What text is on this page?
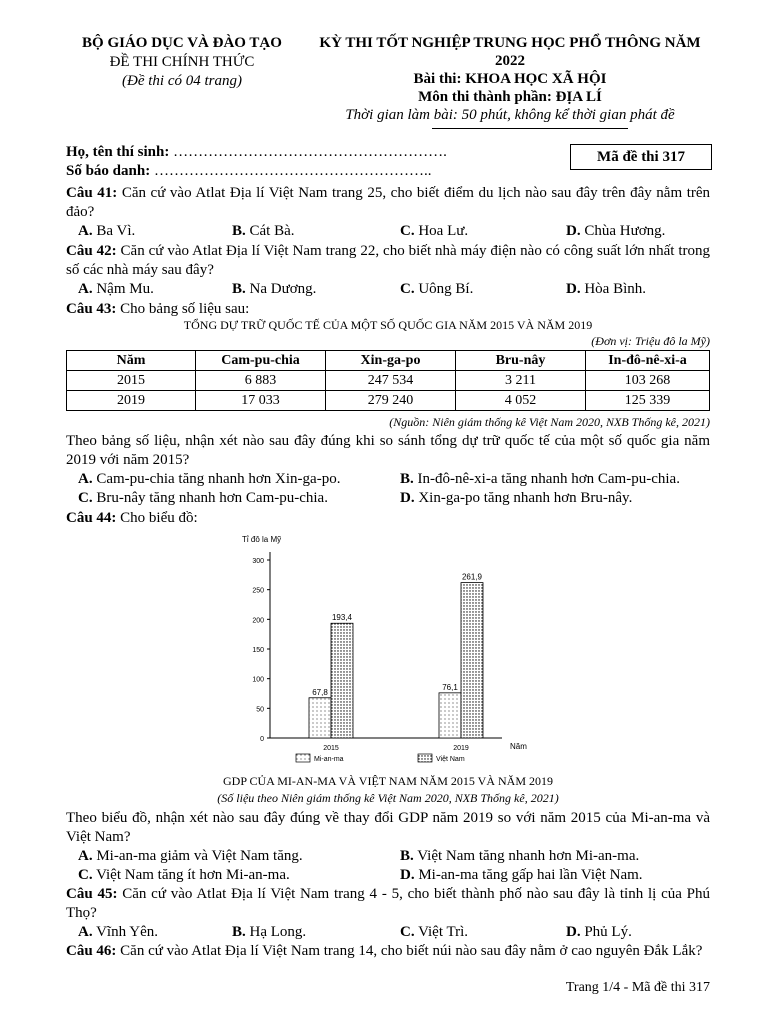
BỘ GIÁO DỤC VÀ ĐÀO TẠO
ĐỀ THI CHÍNH THỨC
(Đề thi có 04 trang)
KỲ THI TỐT NGHIỆP TRUNG HỌC PHỔ THÔNG NĂM
2022
Bài thi: KHOA HỌC XÃ HỘI
Môn thi thành phần: ĐỊA LÍ
Thời gian làm bài: 50 phút, không kể thời gian phát đề
Họ, tên thí sinh: ……………………………………………….
Số báo danh: ………………………………………………..
Mã đề thi 317
Câu 41: Căn cứ vào Atlat Địa lí Việt Nam trang 25, cho biết điểm du lịch nào sau đây trên đây nằm trên đảo?
A. Ba Vì.	B. Cát Bà.	C. Hoa Lư.	D. Chùa Hương.
Câu 42: Căn cứ vào Atlat Địa lí Việt Nam trang 22, cho biết nhà máy điện nào có công suất lớn nhất trong số các nhà máy sau đây?
A. Nậm Mu.	B. Na Dương.	C. Uông Bí.	D. Hòa Bình.
Câu 43: Cho bảng số liệu sau:
TỔNG DỰ TRỮ QUỐC TẾ CỦA MỘT SỐ QUỐC GIA NĂM 2015 VÀ NĂM 2019
(Đơn vị: Triệu đô la Mỹ)
Năm	Cam-pu-chia	Xin-ga-po	Bru-nây	In-đô-nê-xi-a
2015	6 883	247 534	3 211	103 268
2019	17 033	279 240	4 052	125 339
(Nguồn: Niên giám thống kê Việt Nam 2020, NXB Thống kê, 2021)
Theo bảng số liệu, nhận xét nào sau đây đúng khi so sánh tổng dự trữ quốc tế của một số quốc gia năm 2019 với năm 2015?
A. Cam-pu-chia tăng nhanh hơn Xin-ga-po.	B. In-đô-nê-xi-a tăng nhanh hơn Cam-pu-chia.
C. Bru-nây tăng nhanh hơn Cam-pu-chia.	D. Xin-ga-po tăng nhanh hơn Bru-nây.
Câu 44: Cho biểu đồ:
Tỉ đô la Mỹ
Năm
0
50
100
150
200
250
300
67,8
193,4
2015
76,1
261,9
2019
Mi-an-ma	Việt Nam
GDP CỦA MI-AN-MA VÀ VIỆT NAM NĂM 2015 VÀ NĂM 2019
(Số liệu theo Niên giám thống kê Việt Nam 2020, NXB Thống kê, 2021)
Theo biểu đồ, nhận xét nào sau đây đúng về thay đổi GDP năm 2019 so với năm 2015 của Mi-an-ma và Việt Nam?
A. Mi-an-ma giảm và Việt Nam tăng.	B. Việt Nam tăng nhanh hơn Mi-an-ma.
C. Việt Nam tăng ít hơn Mi-an-ma.	D. Mi-an-ma tăng gấp hai lần Việt Nam.
Câu 45: Căn cứ vào Atlat Địa lí Việt Nam trang 4 - 5, cho biết thành phố nào sau đây là tỉnh lị của Phú Thọ?
A. Vĩnh Yên.	B. Hạ Long.	C. Việt Trì.	D. Phủ Lý.
Câu 46: Căn cứ vào Atlat Địa lí Việt Nam trang 14, cho biết núi nào sau đây nằm ở cao nguyên Đắk Lắk?
Trang 1/4 - Mã đề thi 317
